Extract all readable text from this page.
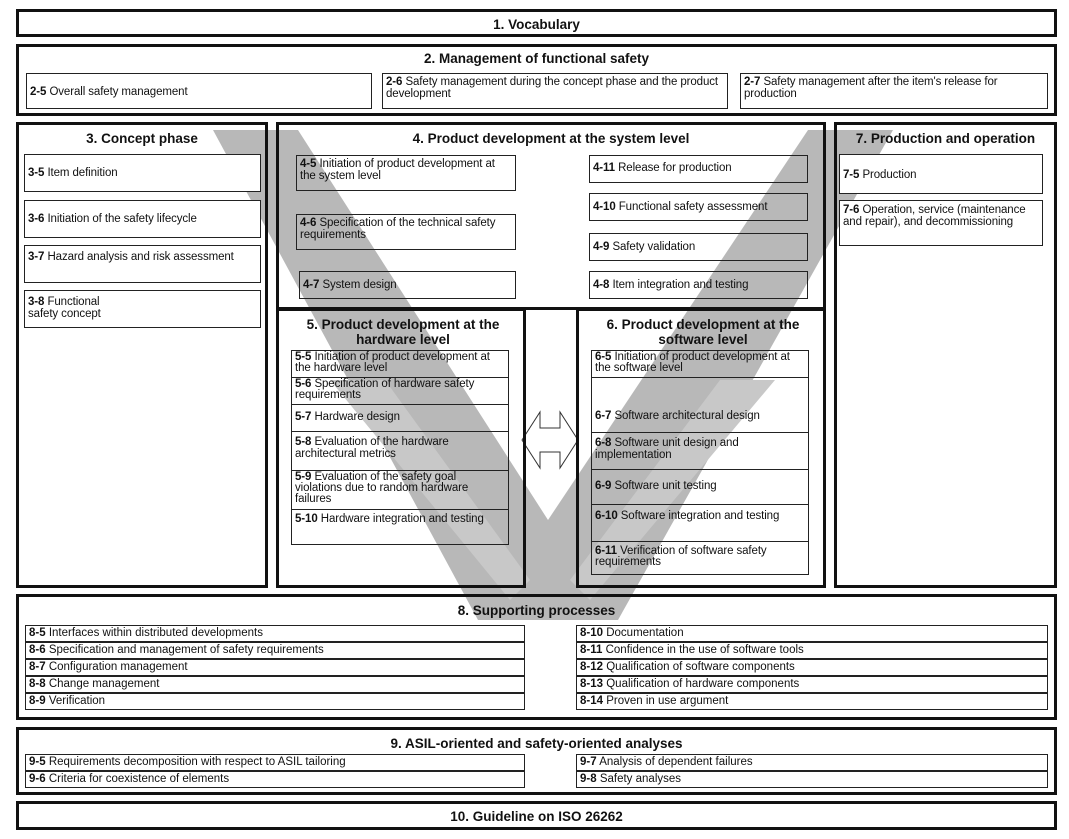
1. Vocabulary
2. Management of functional safety
2-5 Overall safety management
2-6 Safety management during the concept phase and the product development
2-7 Safety management after the item's release for production
3. Concept phase
3-5 Item definition
3-6 Initiation of the safety lifecycle
3-7 Hazard analysis and risk assessment
3-8 Functional safety concept
4. Product development at the system level
4-5 Initiation of product development at the system level
4-6 Specification of the technical safety requirements
4-7 System design
4-11 Release for production
4-10 Functional safety assessment
4-9 Safety validation
4-8 Item integration and testing
5. Product development at the hardware level
5-5 Initiation of product development at the hardware level
5-6 Specification of hardware safety requirements
5-7 Hardware design
5-8 Evaluation of the hardware architectural metrics
5-9 Evaluation of the safety goal violations due to random hardware failures
5-10 Hardware integration and testing
6. Product development at the software level
6-5 Initiation of product development at the software level
6-7 Software architectural design
6-8 Software unit design and implementation
6-9 Software unit testing
6-10 Software integration and testing
6-11 Verification of software safety requirements
7. Production and operation
7-5 Production
7-6 Operation, service (maintenance and repair), and decommissioning
8. Supporting processes
8-5 Interfaces within distributed developments
8-6 Specification and management of safety requirements
8-7 Configuration management
8-8 Change management
8-9 Verification
8-10 Documentation
8-11 Confidence in the use of software tools
8-12 Qualification of software components
8-13 Qualification of hardware components
8-14 Proven in use argument
9. ASIL-oriented and safety-oriented analyses
9-5 Requirements decomposition with respect to ASIL tailoring
9-6 Criteria for coexistence of elements
9-7 Analysis of dependent failures
9-8 Safety analyses
10. Guideline on ISO 26262
